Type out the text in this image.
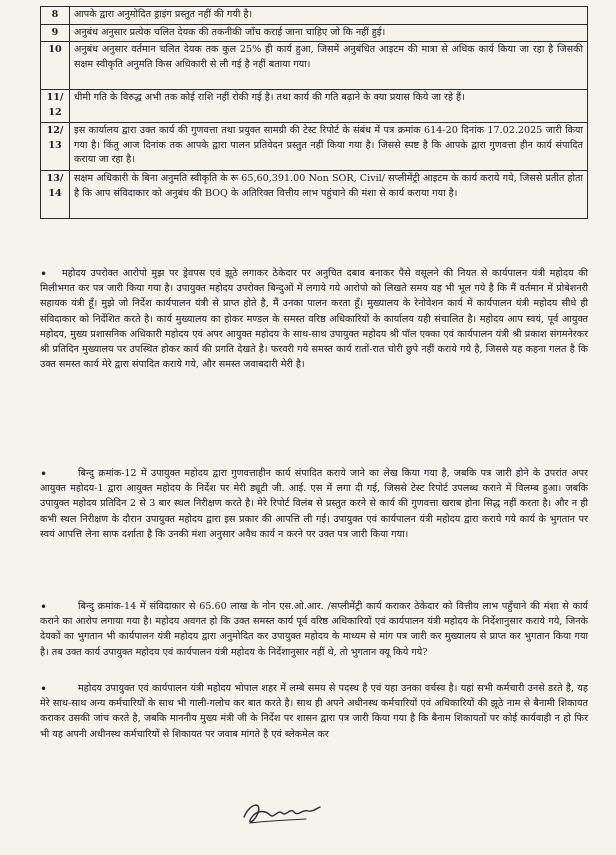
8	आपके द्वारा अनुमोदित ड्राइंग प्रस्तुत नहीं की गयी है।
9	अनुबंध अनुसार प्रत्येक चलित देयक की तकनीकी जाँच कराई जाना चाहिए जो कि नहीं हुई।
10	अनुबंध अनुसार वर्तमान चलित देयक तक कुल 25% ही कार्य हुआ, जिसमें अनुबंधित आइटम की मात्रा से अधिक कार्य किया जा रहा है जिसकी सक्षम स्वीकृति अनुमति किस अधिकारी से ली गई है नहीं बताया गया।
11/ 12	धीमी गति के विरुद्ध अभी तक कोई राशि नहीं रोकी गई है। तथा कार्य की गति बढ़ाने के क्या प्रयास किये जा रहे हैं।
12/ 13	इस कार्यालय द्वारा उक्त कार्य की गुणवत्ता तथा प्रयुक्त सामग्री की टेस्ट रिपोर्ट के संबंध में पत्र क्रमांक 614-20 दिनांक 17.02.2025 जारी किया गया है। किंतु आज दिनांक तक आपके द्वारा पालन प्रतिवेदन प्रस्तुत नहीं किया गया है। जिससे स्पष्ट है कि आपके द्वारा गुणवत्ता हीन कार्य संपादित कराया जा रहा है।
13/ 14	सक्षम अधिकारी के बिना अनुमति स्वीकृति के रू 65,60,391.00 Non SOR, Civil/ सप्लीमेंट्री आइटम के कार्य कराये गये, जिससे प्रतीत होता है कि आप संविदाकार को अनुबंध की BOQ के अतिरिक्त वित्तीय लाभ पहुंचाने की मंशा से कार्य कराया गया है।
•	महोदय उपरोक्त आरोपो मुझ पर ड्रेवपस एवं झूठे लगाकर ठेकेदार पर अनुचित दबाव बनाकर पैसे वसूलने की नियत से कार्यपालन यंत्री महोदय की मिलीभगत कर पत्र जारी किया गया है। उपायुक्त महोदय उपरोक्त बिन्दुओं में लगाये गये आरोपो को लिखते समय यह भी भूल गये है कि मैं वर्तमान में प्रोबेशनरी सहायक यंत्री हूँ। मुझे जो निर्देश कार्यपालन यंत्री से प्राप्त होते है, मैं उनका पालन करता हूँ। मुख्यालय के रेनोवेशन कार्य में कार्यपालन यंत्री महोदय सीधे ही संविदाकार को निर्देशित करते है। कार्य मुख्यालय का होकर मण्डल के समस्त वरिष्ठ अधिकारियों के कार्यालय यही संचालित है। महोदय आप स्वयं, पूर्व आयुक्त महोदय, मुख्य प्रशासनिक अधिकारी महोदय एवं अपर आयुक्त महोदय के साथ-साथ उपायुक्त महोदय श्री पॉल एक्का एवं कार्यपालन यंत्री श्री प्रकाश संगमनेरकर श्री प्रतिदिन मुख्यालय पर उपस्थित होकर कार्य की प्रगति देखते है। फरवरी गये समस्त कार्य रातों-रात चोरी छुपे नहीं कराये गये है, जिससे यह कहना गलत है कि उक्त समस्त कार्य मेरे द्वारा संपादित कराये गये, और समस्त जवाबदारी मेरी है।
•	बिन्दु क्रमांक-12 में उपायुक्त महोदय द्वारा गुणवत्ताहीन कार्य संपादित कराये जाने का लेख किया गया है, जबकि पत्र जारी होने के उपरांत अपर आयुक्त महोदय-1 द्वारा आयुक्त महोदय के निर्देश पर मेरी ड्यूटी जी. आई. एस में लगा दी गई, जिससे टेस्ट रिपोर्ट उपलब्ध कराने में विलम्ब हुआ। जबकि उपायुक्त महोदय प्रतिदिन 2 से 3 बार स्थल निरीक्षण करते है। मेरे रिपोर्ट विलंब से प्रस्तुत करने से कार्य की गुणवत्ता खराब होना सिद्ध नहीं करता है। और न ही कभी स्थल निरीक्षण के दौरान उपायुक्त महोदय द्वारा इस प्रकार की आपत्ति ली गई। उपायुक्त एवं कार्यपालन यंत्री महोदय द्वारा कराये गये कार्य के भुगतान पर स्वयं आपत्ति लेना साफ दर्शाता है कि उनकी मंशा अनुसार अवैध कार्य न करने पर उक्त पत्र जारी किया गया।
•	बिन्दु क्रमांक-14 में संविदाकार से 65.60 लाख के नोन एस.ओ.आर. /सप्लीमेंट्री कार्य कराकर ठेकेदार को वित्तीय लाभ पहुँचाने की मंशा से कार्य कराने का आरोप लगाया गया है। महोदय अवगत हो कि उक्त समस्त कार्य पूर्व वरिष्ठ अधिकारियों एवं कार्यपालन यंत्री महोदय के निर्देशानुसार कराये गये, जिनके देयकों का भुगतान भी कार्यपालन यंत्री महोदय द्वारा अनुमोदित कर उपायुक्त महोदय के माध्यम से मांग पत्र जारी कर मुख्यालय से प्राप्त कर भुगतान किया गया है। तब उक्त कार्य उपायुक्त महोदय एवं कार्यपालन यंत्री महोदय के निर्देशानुसार नहीं थे, तो भुगतान क्यू किये गये?
•	महोदय उपायुक्त एवं कार्यपालन यंत्री महोदय भोपाल शहर में लम्बे समय से पदस्थ है एवं यहा उनका वर्चस्व है। यहां सभी कर्मचारी उनसे डरते है, यह मेरे साथ-साथ अन्य कर्मचारियों के साथ भी गाली-गलोच कर बात करते है। साथ ही अपने अधीनस्थ कर्मचारियों एवं अधिकारियों की झूठे नाम से बैनामी शिकायत कराकर उसकी जांच करते है, जबकि माननीय मुख्य मंत्री जी के निर्देश पर शासन द्वारा पत्र जारी किया गया है कि बैनाम शिकायतों पर कोई कार्यवाही न हो फिर भी यह अपनी अधीनस्थ कर्मचारियों से शिकायत पर जवाब मांगते है एवं ब्लेकमेल कर
